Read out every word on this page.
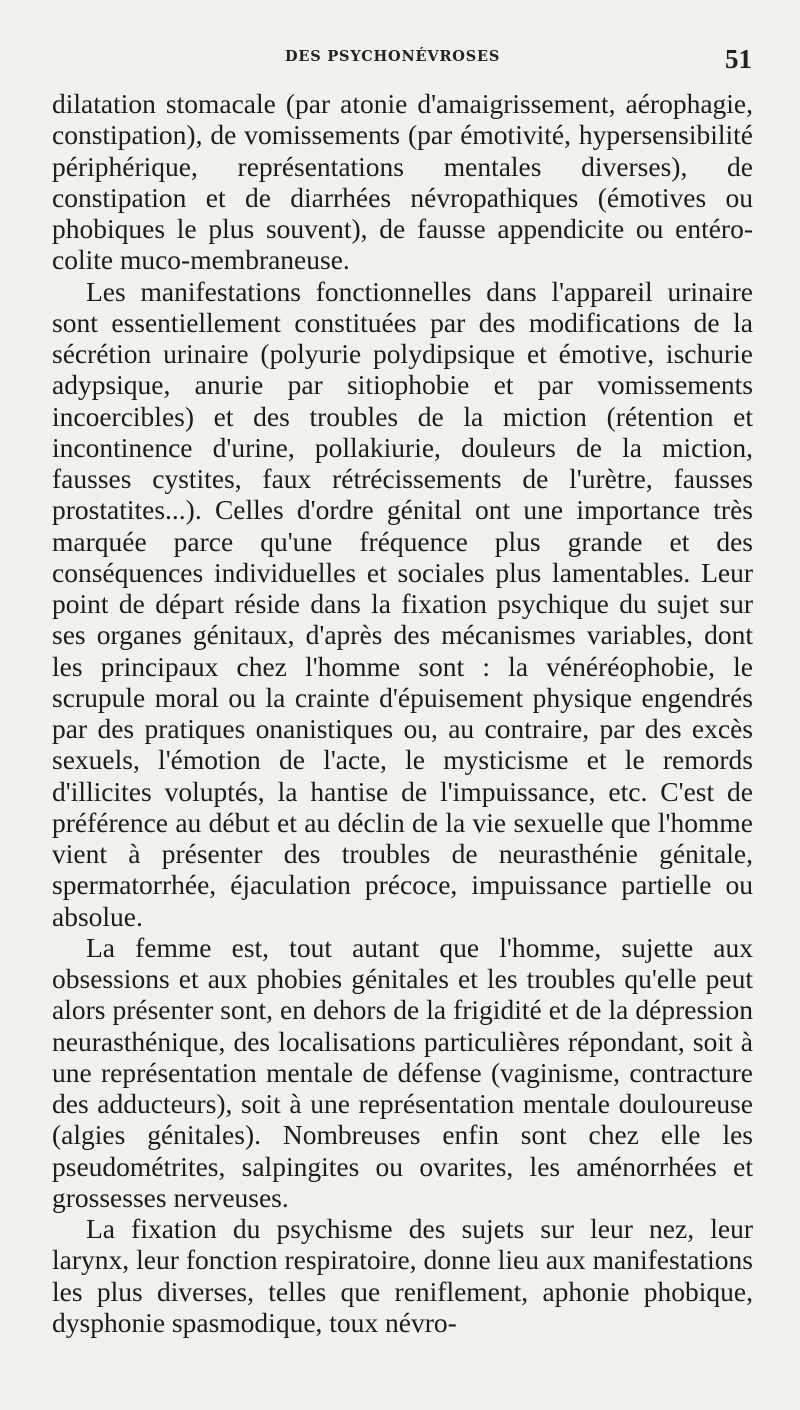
DES PSYCHONÉVROSES	51

dilatation stomacale (par atonie d'amaigrissement, aérophagie, constipation), de vomissements (par émotivité, hypersensibilité périphérique, représentations mentales diverses), de constipation et de diarrhées névropathiques (émotives ou phobiques le plus souvent), de fausse appendicite ou entéro-colite muco-membraneuse.

Les manifestations fonctionnelles dans l'appareil urinaire sont essentiellement constituées par des modifications de la sécrétion urinaire (polyurie polydipsique et émotive, ischurie adypsique, anurie par sitiophobie et par vomissements incoercibles) et des troubles de la miction (rétention et incontinence d'urine, pollakiurie, douleurs de la miction, fausses cystites, faux rétrécissements de l'urètre, fausses prostatites...). Celles d'ordre génital ont une importance très marquée parce qu'une fréquence plus grande et des conséquences individuelles et sociales plus lamentables. Leur point de départ réside dans la fixation psychique du sujet sur ses organes génitaux, d'après des mécanismes variables, dont les principaux chez l'homme sont : la vénéréophobie, le scrupule moral ou la crainte d'épuisement physique engendrés par des pratiques onanistiques ou, au contraire, par des excès sexuels, l'émotion de l'acte, le mysticisme et le remords d'illicites voluptés, la hantise de l'impuissance, etc. C'est de préférence au début et au déclin de la vie sexuelle que l'homme vient à présenter des troubles de neurasthénie génitale, spermatorrhée, éjaculation précoce, impuissance partielle ou absolue.

La femme est, tout autant que l'homme, sujette aux obsessions et aux phobies génitales et les troubles qu'elle peut alors présenter sont, en dehors de la frigidité et de la dépression neurasthénique, des localisations particulières répondant, soit à une représentation mentale de défense (vaginisme, contracture des adducteurs), soit à une représentation mentale douloureuse (algies génitales). Nombreuses enfin sont chez elle les pseudométrites, salpingites ou ovarites, les aménorrhées et grossesses nerveuses.

La fixation du psychisme des sujets sur leur nez, leur larynx, leur fonction respiratoire, donne lieu aux manifestations les plus diverses, telles que reniflement, aphonie phobique, dysphonie spasmodique, toux névro-
